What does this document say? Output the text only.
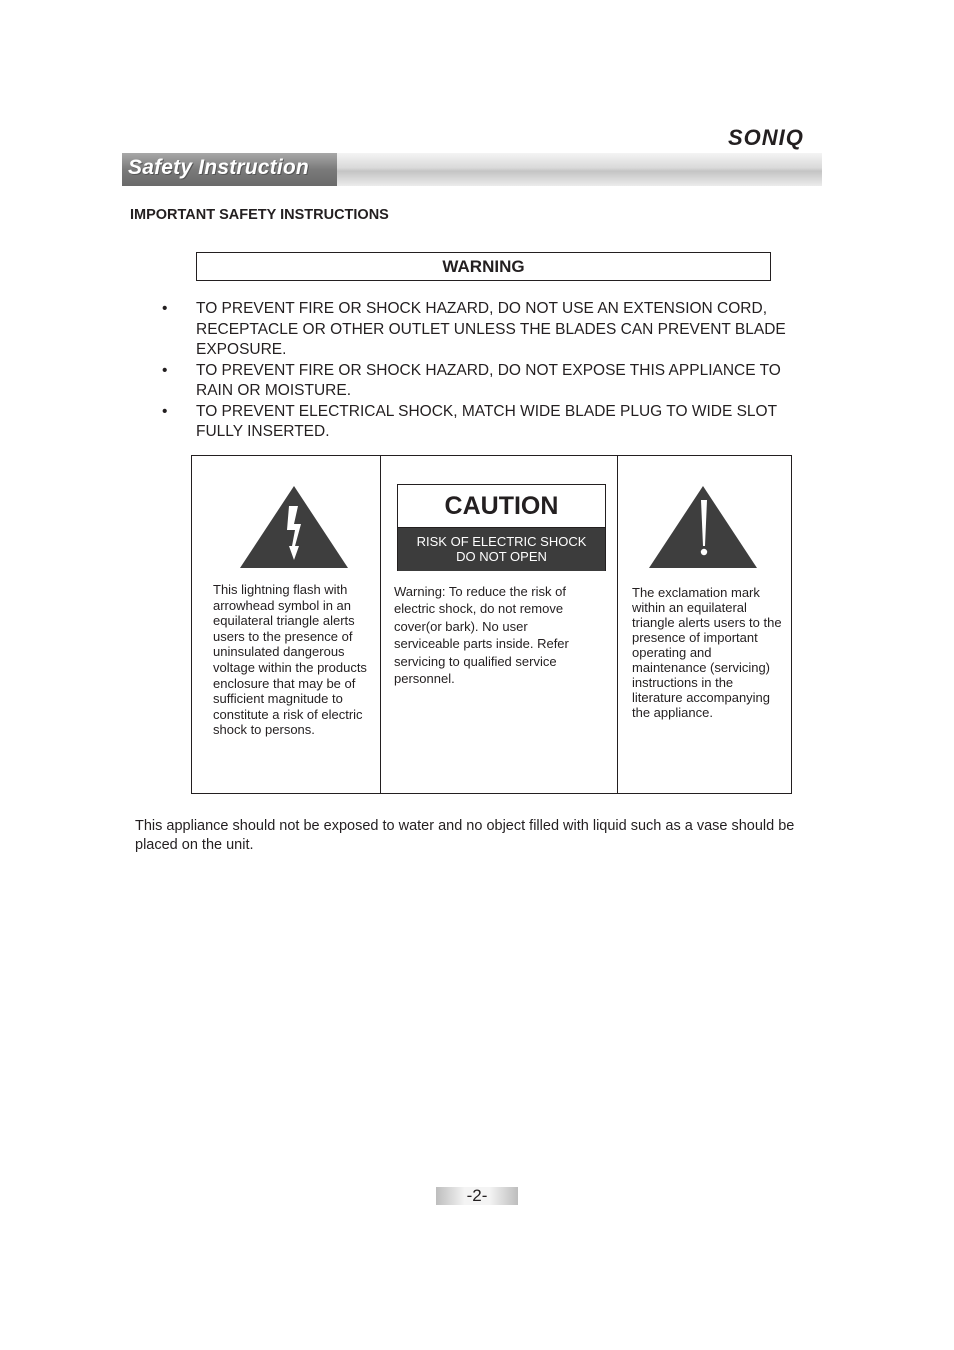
SONIQ
Safety Instruction
IMPORTANT SAFETY INSTRUCTIONS
WARNING
• TO PREVENT FIRE OR SHOCK HAZARD, DO NOT USE AN EXTENSION CORD, RECEPTACLE OR OTHER OUTLET UNLESS THE BLADES CAN PREVENT BLADE EXPOSURE.
• TO PREVENT FIRE OR SHOCK HAZARD, DO NOT EXPOSE THIS APPLIANCE TO RAIN OR MOISTURE.
• TO PREVENT ELECTRICAL SHOCK, MATCH WIDE BLADE PLUG TO WIDE SLOT FULLY INSERTED.
This lightning flash with arrowhead symbol in an equilateral triangle alerts users to the presence of uninsulated dangerous voltage within the products enclosure that may be of sufficient magnitude to constitute a risk of electric shock to persons.
CAUTION
RISK OF ELECTRIC SHOCK
DO NOT OPEN
Warning: To reduce the risk of electric shock, do not remove cover(or bark). No user serviceable parts inside. Refer servicing to qualified service personnel.
The exclamation mark within an equilateral triangle alerts users to the presence of important operating and maintenance (servicing) instructions in the literature accompanying the appliance.
This appliance should not be exposed to water and no object filled with liquid such as a vase should be placed on the unit.
-2-
